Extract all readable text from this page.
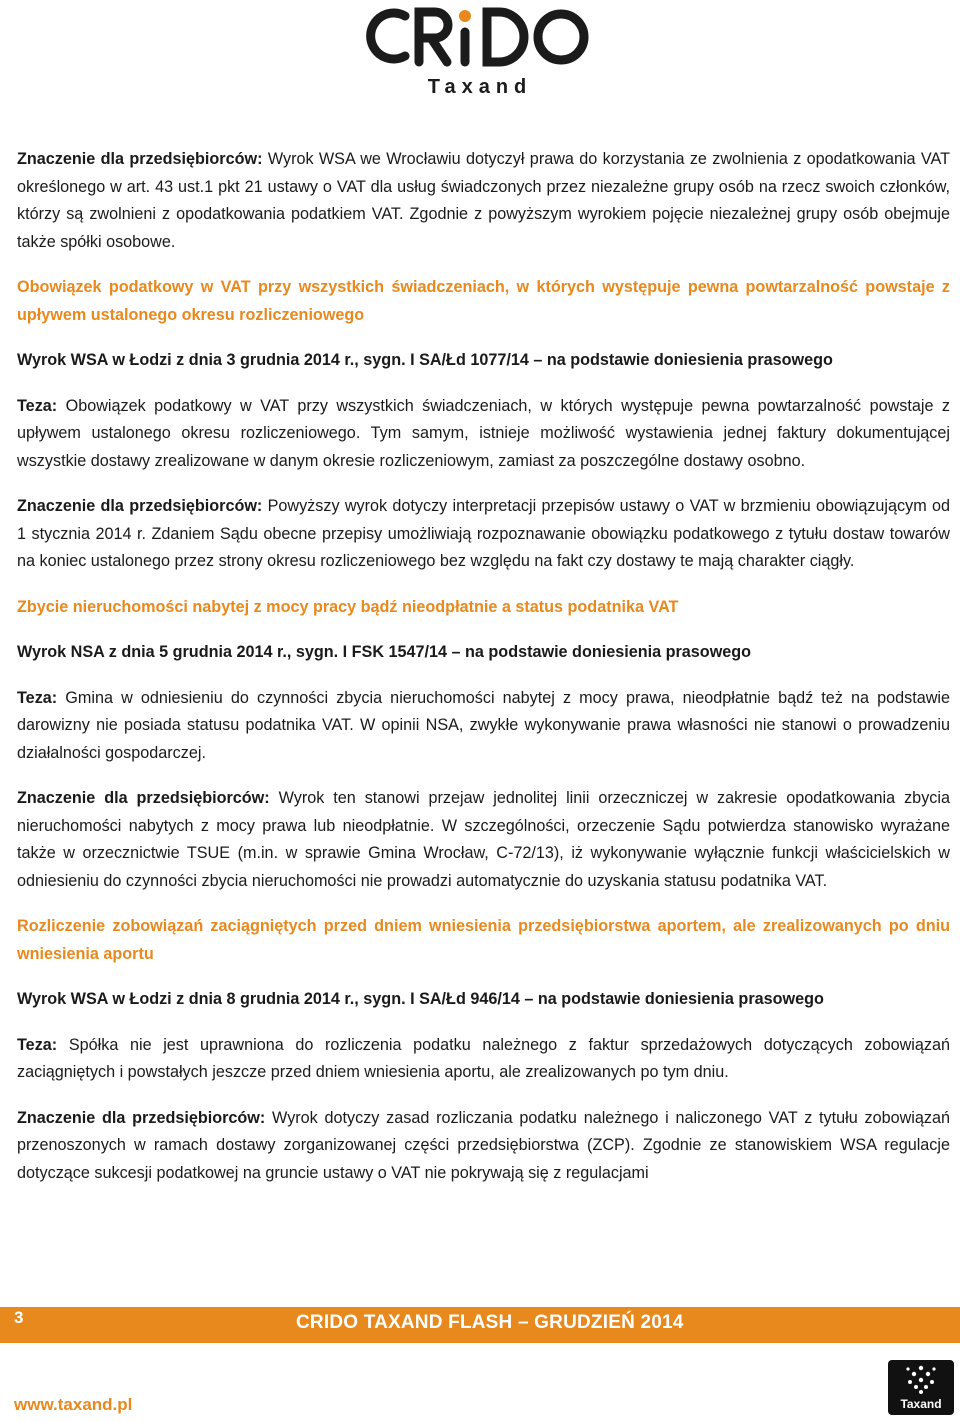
Taxand

Znaczenie dla przedsiębiorców: Wyrok WSA we Wrocławiu dotyczył prawa do korzystania ze zwolnienia z opodatkowania VAT określonego w art. 43 ust.1 pkt 21 ustawy o VAT dla usług świadczonych przez niezależne grupy osób na rzecz swoich członków, którzy są zwolnieni z opodatkowania podatkiem VAT. Zgodnie z powyższym wyrokiem pojęcie niezależnej grupy osób obejmuje także spółki osobowe.

Obowiązek podatkowy w VAT przy wszystkich świadczeniach, w których występuje pewna powtarzalność powstaje z upływem ustalonego okresu rozliczeniowego
Wyrok WSA w Łodzi z dnia 3 grudnia 2014 r., sygn. I SA/Łd 1077/14 – na podstawie doniesienia prasowego

Teza: Obowiązek podatkowy w VAT przy wszystkich świadczeniach, w których występuje pewna powtarzalność powstaje z upływem ustalonego okresu rozliczeniowego. Tym samym, istnieje możliwość wystawienia jednej faktury dokumentującej wszystkie dostawy zrealizowane w danym okresie rozliczeniowym, zamiast za poszczególne dostawy osobno.

Znaczenie dla przedsiębiorców: Powyższy wyrok dotyczy interpretacji przepisów ustawy o VAT w brzmieniu obowiązującym od 1 stycznia 2014 r. Zdaniem Sądu obecne przepisy umożliwiają rozpoznawanie obowiązku podatkowego z tytułu dostaw towarów na koniec ustalonego przez strony okresu rozliczeniowego bez względu na fakt czy dostawy te mają charakter ciągły.

Zbycie nieruchomości nabytej z mocy pracy bądź nieodpłatnie a status podatnika VAT
Wyrok NSA z dnia 5 grudnia 2014 r., sygn. I FSK 1547/14 – na podstawie doniesienia prasowego

Teza: Gmina w odniesieniu do czynności zbycia nieruchomości nabytej z mocy prawa, nieodpłatnie bądź też na podstawie darowizny nie posiada statusu podatnika VAT. W opinii NSA, zwykłe wykonywanie prawa własności nie stanowi o prowadzeniu działalności gospodarczej.

Znaczenie dla przedsiębiorców: Wyrok ten stanowi przejaw jednolitej linii orzeczniczej w zakresie opodatkowania zbycia nieruchomości nabytych z mocy prawa lub nieodpłatnie. W szczególności, orzeczenie Sądu potwierdza stanowisko wyrażane także w orzecznictwie TSUE (m.in. w sprawie Gmina Wrocław, C-72/13), iż wykonywanie wyłącznie funkcji właścicielskich w odniesieniu do czynności zbycia nieruchomości nie prowadzi automatycznie do uzyskania statusu podatnika VAT.

Rozliczenie zobowiązań zaciągniętych przed dniem wniesienia przedsiębiorstwa aportem, ale zrealizowanych po dniu wniesienia aportu
Wyrok WSA w Łodzi z dnia 8 grudnia 2014 r., sygn. I SA/Łd 946/14 – na podstawie doniesienia prasowego

Teza: Spółka nie jest uprawniona do rozliczenia podatku należnego z faktur sprzedażowych dotyczących zobowiązań zaciągniętych i powstałych jeszcze przed dniem wniesienia aportu, ale zrealizowanych po tym dniu.

Znaczenie dla przedsiębiorców: Wyrok dotyczy zasad rozliczania podatku należnego i naliczonego VAT z tytułu zobowiązań przenoszonych w ramach dostawy zorganizowanej części przedsiębiorstwa (ZCP). Zgodnie ze stanowiskiem WSA regulacje dotyczące sukcesji podatkowej na gruncie ustawy o VAT nie pokrywają się z regulacjami

3	CRIDO TAXAND FLASH – GRUDZIEŃ 2014
www.taxand.pl	Taxand
